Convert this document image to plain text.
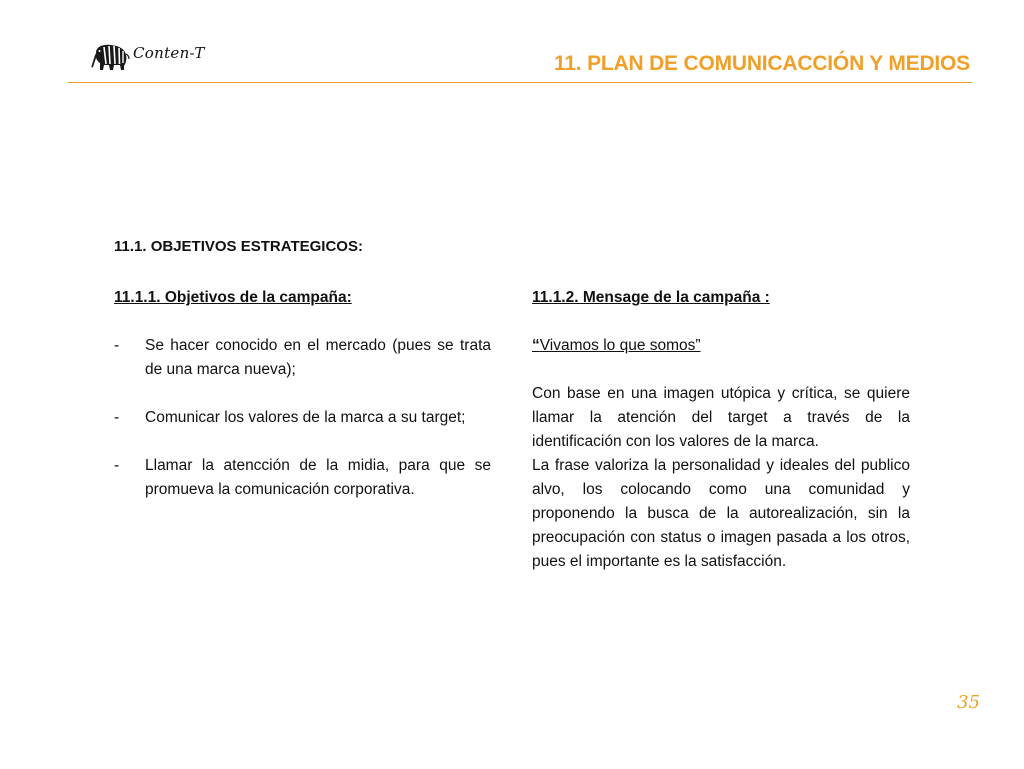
Conten-T	11. PLAN DE COMUNICACCIÓN Y MEDIOS
11.1. OBJETIVOS ESTRATEGICOS:

11.1.1. Objetivos de la campaña:

- Se hacer conocido en el mercado (pues se trata de una marca nueva);
- Comunicar los valores de la marca a su target;
- Llamar la atencción de la midia, para que se promueva la comunicación corporativa.

11.1.2. Mensage de la campaña :

“Vivamos lo que somos”

Con base en una imagen utópica y crítica, se quiere llamar la atención del target a través de la identificación con los valores de la marca.

La frase valoriza la personalidad y ideales del publico alvo, los colocando como una comunidad y proponendo la busca de la autorealización, sin la preocupación con status o imagen pasada a los otros, pues el importante es la satisfacción.

35
